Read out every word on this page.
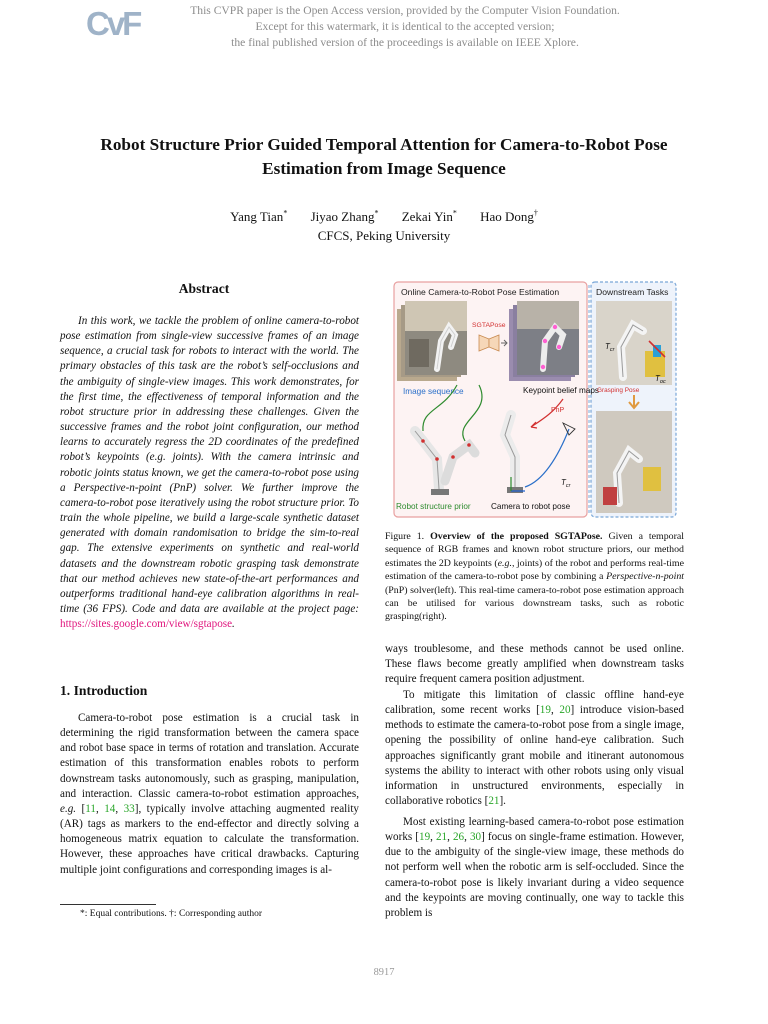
CvF	This CVPR paper is the Open Access version, provided by the Computer Vision Foundation.
Except for this watermark, it is identical to the accepted version;
the final published version of the proceedings is available on IEEE Xplore.
Robot Structure Prior Guided Temporal Attention for Camera-to-Robot Pose
Estimation from Image Sequence
Yang Tian* Jiyao Zhang* Zekai Yin* Hao Dong†
CFCS, Peking University
Abstract

In this work, we tackle the problem of online camera-to-robot pose estimation from single-view successive frames of an image sequence, a crucial task for robots to interact with the world. The primary obstacles of this task are the robot’s self-occlusions and the ambiguity of single-view images. This work demonstrates, for the first time, the effectiveness of temporal information and the robot structure prior in addressing these challenges. Given the successive frames and the robot joint configuration, our method learns to accurately regress the 2D coordinates of the predefined robot’s keypoints (e.g. joints). With the camera intrinsic and robotic joints status known, we get the camera-to-robot pose using a Perspective-n-point (PnP) solver. We further improve the camera-to-robot pose iteratively using the robot structure prior. To train the whole pipeline, we build a large-scale synthetic dataset generated with domain randomisation to bridge the sim-to-real gap. The extensive experiments on synthetic and real-world datasets and the downstream robotic grasping task demonstrate that our method achieves new state-of-the-art performances and outperforms traditional hand-eye calibration algorithms in real-time (36 FPS). Code and data are available at the project page: https://sites.google.com/view/sgtapose.

1. Introduction

Camera-to-robot pose estimation is a crucial task in determining the rigid transformation between the camera space and robot base space in terms of rotation and translation. Accurate estimation of this transformation enables robots to perform downstream tasks autonomously, such as grasping, manipulation, and interaction. Classic camera-to-robot estimation approaches, e.g. [11, 14, 33], typically involve attaching augmented reality (AR) tags as markers to the end-effector and directly solving a homogeneous matrix equation to calculate the transformation. However, these approaches have critical drawbacks. Capturing multiple joint configurations and corresponding images is al-

*: Equal contributions. †: Corresponding author
Online Camera-to-Robot Pose Estimation	Downstream Tasks
Image sequence
SGTAPose
Keypoint belief maps
PnP
Robot structure prior
$T_{cr}$
Camera to robot pose
$T_{cr}$
$T_{oc}$
Grasping Pose

Figure 1. Overview of the proposed SGTAPose. Given a temporal sequence of RGB frames and known robot structure priors, our method estimates the 2D keypoints (e.g., joints) of the robot and performs real-time estimation of the camera-to-robot pose by combining a Perspective-n-point (PnP) solver(left). This real-time camera-to-robot pose estimation approach can be utilised for various downstream tasks, such as robotic grasping(right).

ways troublesome, and these methods cannot be used online. These flaws become greatly amplified when downstream tasks require frequent camera position adjustment.

To mitigate this limitation of classic offline hand-eye calibration, some recent works [19, 20] introduce vision-based methods to estimate the camera-to-robot pose from a single image, opening the possibility of online hand-eye calibration. Such approaches significantly grant mobile and itinerant autonomous systems the ability to interact with other robots using only visual information in unstructured environments, especially in collaborative robotics [21].

Most existing learning-based camera-to-robot pose estimation works [19, 21, 26, 30] focus on single-frame estimation. However, due to the ambiguity of the single-view image, these methods do not perform well when the robotic arm is self-occluded. Since the camera-to-robot pose is likely invariant during a video sequence and the keypoints are moving continually, one way to tackle this problem is

8917
